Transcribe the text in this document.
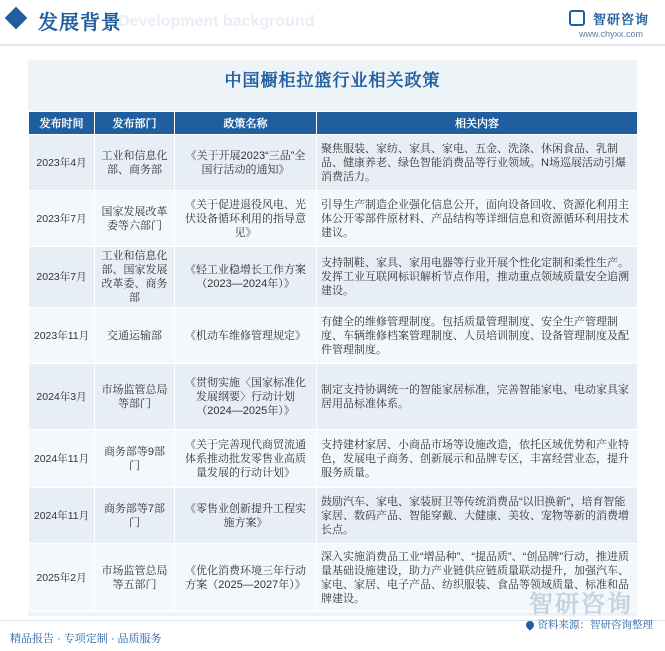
发展背景
Development background	智研咨询
www.chyxx.com
中国橱柜拉篮行业相关政策
发布时间	发布部门	政策名称	相关内容
2023年4月	工业和信息化部、商务部	《关于开展2023“三品”全国行活动的通知》	聚焦服装、家纺、家具、家电、五金、洗涤、休闲食品、乳制品、健康养老、绿色智能消费品等行业领域。N场巡展活动引爆消费活力。
2023年7月	国家发展改革委等六部门	《关于促进退役风电、光伏设备循环利用的指导意见》	引导生产制造企业强化信息公开，面向设备回收、资源化利用主体公开零部件原材料、产品结构等详细信息和资源循环利用技术建议。
2023年7月	工业和信息化部、国家发展改革委、商务部	《轻工业稳增长工作方案（2023—2024年）》	支持制鞋、家具、家用电器等行业开展个性化定制和柔性生产。发挥工业互联网标识解析节点作用，推动重点领域质量安全追溯建设。
2023年11月	交通运输部	《机动车维修管理规定》	有健全的维修管理制度。包括质量管理制度、安全生产管理制度、车辆维修档案管理制度、人员培训制度、设备管理制度及配件管理制度。
2024年3月	市场监管总局等部门	《贯彻实施〈国家标准化发展纲要〉行动计划（2024—2025年）》	制定支持协调统一的智能家居标准，完善智能家电、电动家具家居用品标准体系。
2024年11月	商务部等9部门	《关于完善现代商贸流通体系推动批发零售业高质量发展的行动计划》	支持建材家居、小商品市场等设施改造，依托区域优势和产业特色，发展电子商务、创新展示和品牌专区，丰富经营业态，提升服务质量。
2024年11月	商务部等7部门	《零售业创新提升工程实施方案》	鼓励汽车、家电、家装厨卫等传统消费品“以旧换新”，培育智能家居、数码产品、智能穿戴、大健康、美妆、宠物等新的消费增长点。
2025年2月	市场监管总局等五部门	《优化消费环境三年行动方案（2025—2027年）》	深入实施消费品工业“增品种”、“提品质”、“创品牌”行动，推进质量基础设施建设，助力产业链供应链质量联动提升，加强汽车、家电、家居、电子产品、纺织服装、食品等领域质量、标准和品牌建设。	智研咨询
精品报告 · 专项定制 · 品质服务
资料来源：智研咨询整理
